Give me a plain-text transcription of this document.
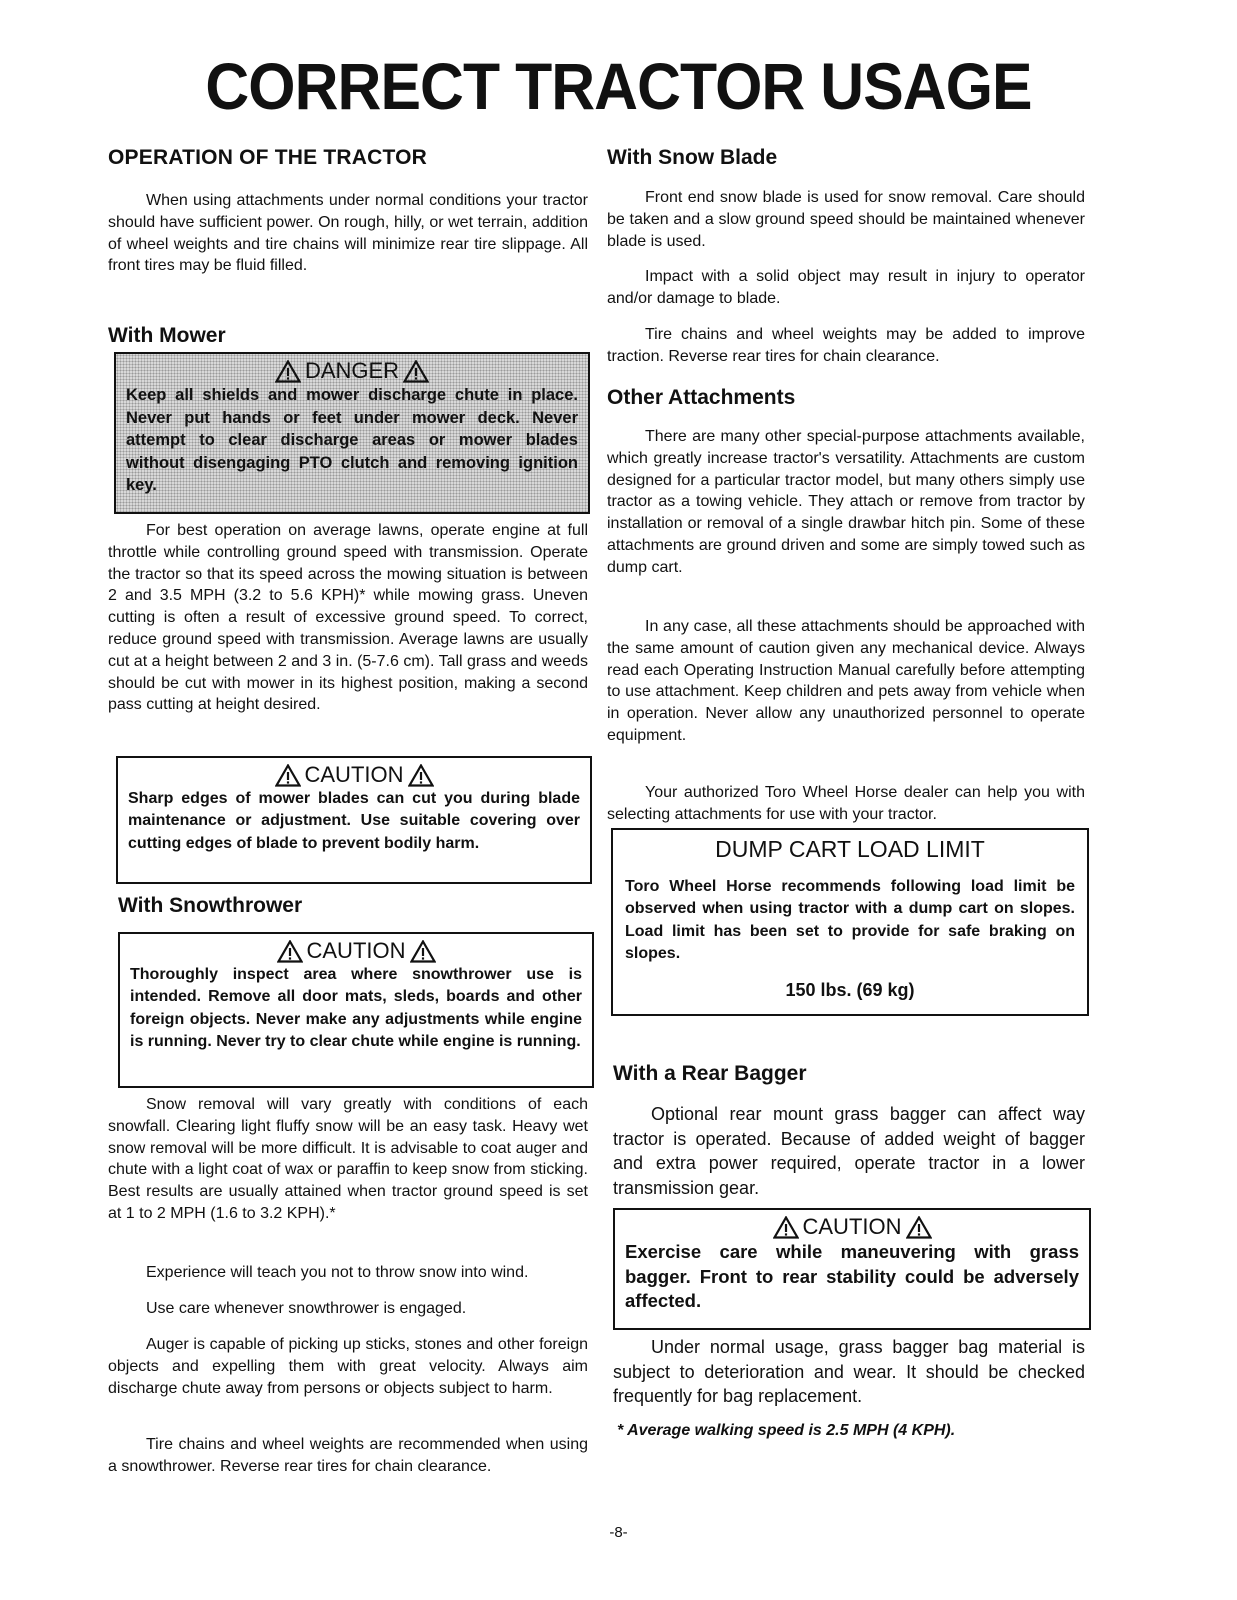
CORRECT TRACTOR USAGE
OPERATION OF THE TRACTOR

When using attachments under normal conditions your tractor should have sufficient power. On rough, hilly, or wet terrain, addition of wheel weights and tire chains will minimize rear tire slippage. All front tires may be fluid filled.

With Mower
DANGER
Keep all shields and mower discharge chute in place. Never put hands or feet under mower deck. Never attempt to clear discharge areas or mower blades without disengaging PTO clutch and removing ignition key.

For best operation on average lawns, operate engine at full throttle while controlling ground speed with transmission. Operate the tractor so that its speed across the mowing situation is between 2 and 3.5 MPH (3.2 to 5.6 KPH)* while mowing grass. Uneven cutting is often a result of excessive ground speed. To correct, reduce ground speed with transmission. Average lawns are usually cut at a height between 2 and 3 in. (5-7.6 cm). Tall grass and weeds should be cut with mower in its highest position, making a second pass cutting at height desired.

CAUTION
Sharp edges of mower blades can cut you during blade maintenance or adjustment. Use suitable covering over cutting edges of blade to prevent bodily harm.
With Snowthrower
CAUTION
Thoroughly inspect area where snowthrower use is intended. Remove all door mats, sleds, boards and other foreign objects. Never make any adjustments while engine is running. Never try to clear chute while engine is running.

Snow removal will vary greatly with conditions of each snowfall. Clearing light fluffy snow will be an easy task. Heavy wet snow removal will be more difficult. It is advisable to coat auger and chute with a light coat of wax or paraffin to keep snow from sticking. Best results are usually attained when tractor ground speed is set at 1 to 2 MPH (1.6 to 3.2 KPH).*

Experience will teach you not to throw snow into wind.

Use care whenever snowthrower is engaged.

Auger is capable of picking up sticks, stones and other foreign objects and expelling them with great velocity. Always aim discharge chute away from persons or objects subject to harm.

Tire chains and wheel weights are recommended when using a snowthrower. Reverse rear tires for chain clearance.

With Snow Blade

Front end snow blade is used for snow removal. Care should be taken and a slow ground speed should be maintained whenever blade is used.

Impact with a solid object may result in injury to operator and/or damage to blade.

Tire chains and wheel weights may be added to improve traction. Reverse rear tires for chain clearance.

Other Attachments

There are many other special-purpose attachments available, which greatly increase tractor's versatility. Attachments are custom designed for a particular tractor model, but many others simply use tractor as a towing vehicle. They attach or remove from tractor by installation or removal of a single drawbar hitch pin. Some of these attachments are ground driven and some are simply towed such as dump cart.

In any case, all these attachments should be approached with the same amount of caution given any mechanical device. Always read each Operating Instruction Manual carefully before attempting to use attachment. Keep children and pets away from vehicle when in operation. Never allow any unauthorized personnel to operate equipment.

Your authorized Toro Wheel Horse dealer can help you with selecting attachments for use with your tractor.

DUMP CART LOAD LIMIT
Toro Wheel Horse recommends following load limit be observed when using tractor with a dump cart on slopes. Load limit has been set to provide for safe braking on slopes.
150 lbs. (69 kg)
With a Rear Bagger

Optional rear mount grass bagger can affect way tractor is operated. Because of added weight of bagger and extra power required, operate tractor in a lower transmission gear.

CAUTION
Exercise care while maneuvering with grass bagger. Front to rear stability could be adversely affected.

Under normal usage, grass bagger bag material is subject to deterioration and wear. It should be checked frequently for bag replacement.

* Average walking speed is 2.5 MPH (4 KPH).
-8-
